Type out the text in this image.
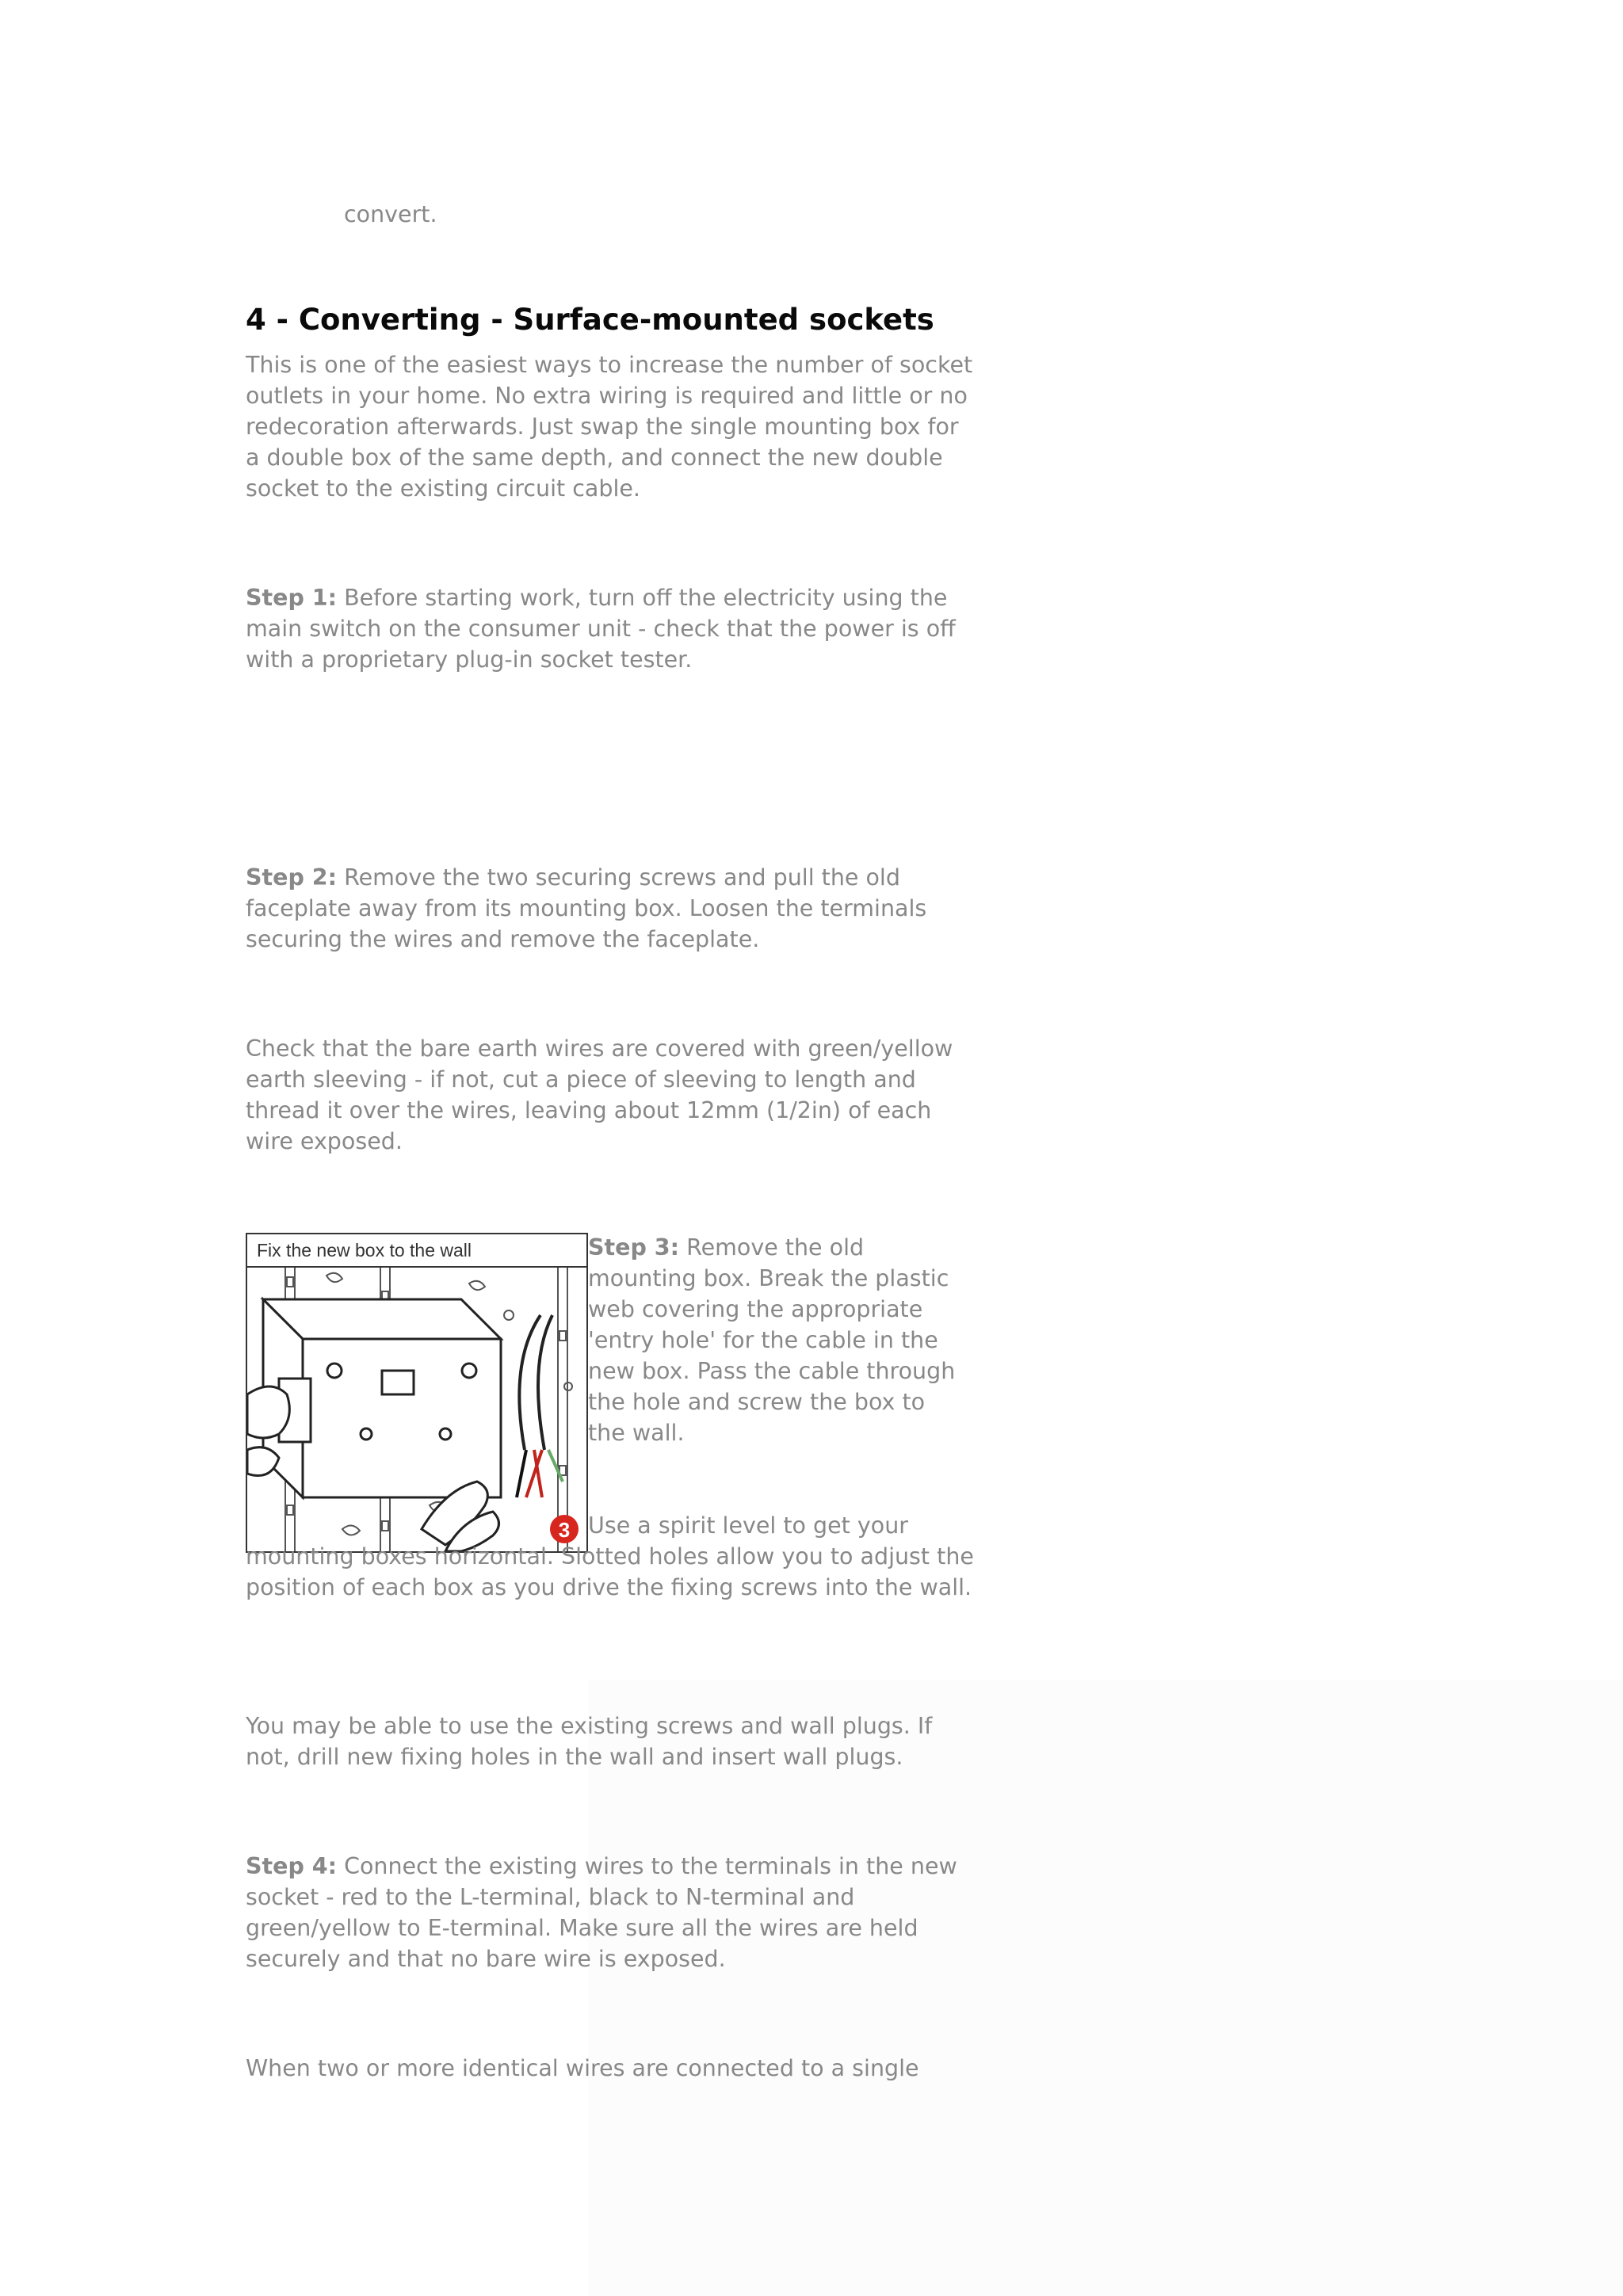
convert.

4 - Converting - Surface-mounted sockets

This is one of the easiest ways to increase the number of socket outlets in your home. No extra wiring is required and little or no redecoration afterwards. Just swap the single mounting box for a double box of the same depth, and connect the new double socket to the existing circuit cable.

Step 1: Before starting work, turn off the electricity using the main switch on the consumer unit - check that the power is off with a proprietary plug-in socket tester.

Step 2: Remove the two securing screws and pull the old faceplate away from its mounting box. Loosen the terminals securing the wires and remove the faceplate.

Check that the bare earth wires are covered with green/yellow earth sleeving - if not, cut a piece of sleeving to length and thread it over the wires, leaving about 12mm (1/2in) of each wire exposed.

Fix the new box to the wall
3

Step 3: Remove the old mounting box. Break the plastic web covering the appropriate 'entry hole' for the cable in the new box. Pass the cable through the hole and screw the box to the wall.

Use a spirit level to get your mounting boxes horizontal. Slotted holes allow you to adjust the position of each box as you drive the fixing screws into the wall.

You may be able to use the existing screws and wall plugs. If not, drill new fixing holes in the wall and insert wall plugs.

Step 4: Connect the existing wires to the terminals in the new socket - red to the L-terminal, black to N-terminal and green/yellow to E-terminal. Make sure all the wires are held securely and that no bare wire is exposed.

When two or more identical wires are connected to a single
